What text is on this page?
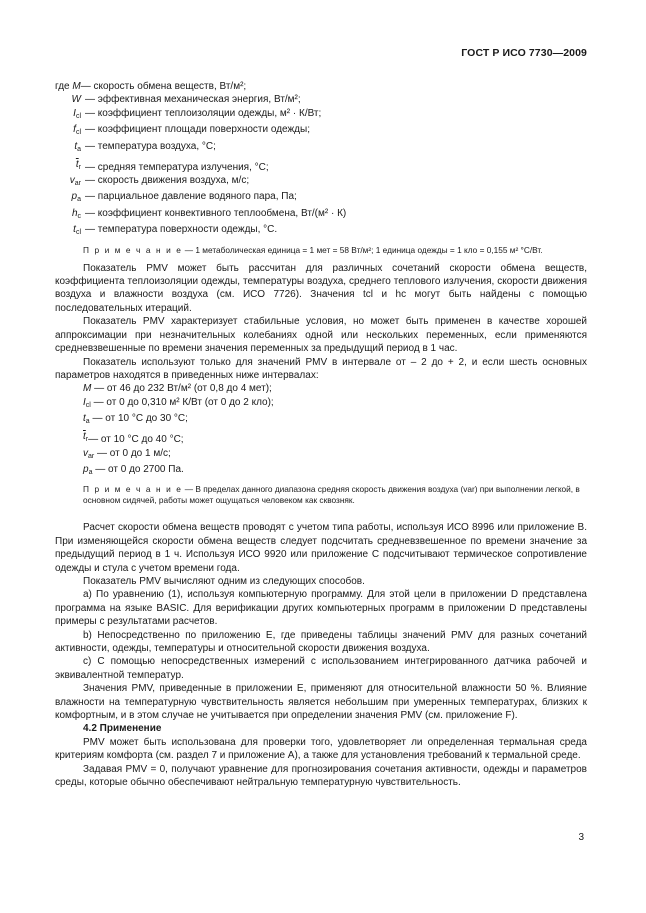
ГОСТ Р ИСО 7730—2009
где
M — скорость обмена веществ, Вт/м²;
W — эффективная механическая энергия, Вт/м²;
$I_{cl}$ — коэффициент теплоизоляции одежды, м² · К/Вт;
$f_{cl}$ — коэффициент площади поверхности одежды;
$t_a$ — температура воздуха, °С;
$\overline{t}_r$ — средняя температура излучения, °С;
$v_{ar}$ — скорость движения воздуха, м/с;
$p_a$ — парциальное давление водяного пара, Па;
$h_c$ — коэффициент конвективного теплообмена, Вт/(м² · К)
$t_{cl}$ — температура поверхности одежды, °С.
П р и м е ч а н и е — 1 метаболическая единица = 1 мет = 58 Вт/м²; 1 единица одежды = 1 кло = 0,155 м² °С/Вт.

Показатель PMV может быть рассчитан для различных сочетаний скорости обмена веществ, коэффициента теплоизоляции одежды, температуры воздуха, среднего теплового излучения, скорости движения воздуха и влажности воздуха (см. ИСО 7726). Значения tcl и hc могут быть найдены с помощью последовательных итераций.

Показатель PMV характеризует стабильные условия, но может быть применен в качестве хорошей аппроксимации при незначительных колебаниях одной или нескольких переменных, если применяются средневзвешенные по времени значения переменных за предыдущий период в 1 час.

Показатель используют только для значений PMV в интервале от – 2 до + 2, и если шесть основных параметров находятся в приведенных ниже интервалах:

M — от 46 до 232 Вт/м² (от 0,8 до 4 мет);
$I_{cl}$ — от 0 до 0,310 м² К/Вт (от 0 до 2 кло);
$t_a$ — от 10 °С до 30 °С;
$\overline{t}_r$ — от 10 °С до 40 °С;
$v_{ar}$ — от 0 до 1 м/с;
$p_a$ — от 0 до 2700 Па.
П р и м е ч а н и е — В пределах данного диапазона средняя скорость движения воздуха (var) при выполнении легкой, в основном сидячей, работы может ощущаться человеком как сквозняк.

Расчет скорости обмена веществ проводят с учетом типа работы, используя ИСО 8996 или приложение В. При изменяющейся скорости обмена веществ следует подсчитать средневзвешенное по времени значение за предыдущий период в 1 ч. Используя ИСО 9920 или приложение С подсчитывают термическое сопротивление одежды и стула с учетом времени года.

Показатель PMV вычисляют одним из следующих способов.

a) По уравнению (1), используя компьютерную программу. Для этой цели в приложении D представлена программа на языке BASIC. Для верификации других компьютерных программ в приложении D представлены примеры с результатами расчетов.

b) Непосредственно по приложению Е, где приведены таблицы значений PMV для разных сочетаний активности, одежды, температуры и относительной скорости движения воздуха.

c) С помощью непосредственных измерений с использованием интегрированного датчика рабочей и эквивалентной температур.

Значения PMV, приведенные в приложении Е, применяют для относительной влажности 50 %. Влияние влажности на температурную чувствительность является небольшим при умеренных температурах, близких к комфортным, и в этом случае не учитывается при определении значения PMV (см. приложение F).

4.2 Применение

PMV может быть использована для проверки того, удовлетворяет ли определенная термальная среда критериям комфорта (см. раздел 7 и приложение А), а также для установления требований к термальной среде.

Задавая PMV = 0, получают уравнение для прогнозирования сочетания активности, одежды и параметров среды, которые обычно обеспечивают нейтральную температурную чувствительность.

3
